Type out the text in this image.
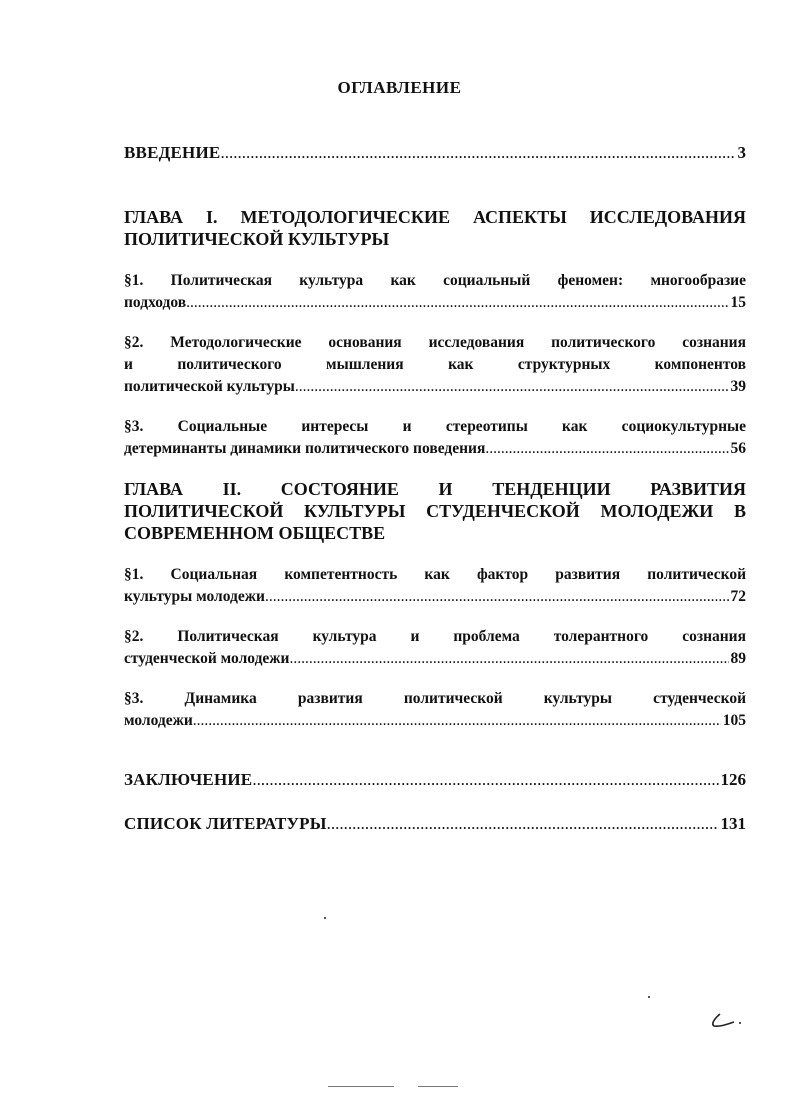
ОГЛАВЛЕНИЕ
ВВЕДЕНИЕ .....	3
ГЛАВА I. МЕТОДОЛОГИЧЕСКИЕ АСПЕКТЫ ИССЛЕДОВАНИЯ
ПОЛИТИЧЕСКОЙ КУЛЬТУРЫ
§1. Политическая культура как социальный феномен: многообразие
подходов .....	15
§2. Методологические основания исследования политического сознания
и политического мышления как структурных компонентов
политической культуры .....	39
§3. Социальные интересы и стереотипы как социокультурные
детерминанты динамики политического поведения .....	56
ГЛАВА II. СОСТОЯНИЕ И ТЕНДЕНЦИИ РАЗВИТИЯ
ПОЛИТИЧЕСКОЙ КУЛЬТУРЫ СТУДЕНЧЕСКОЙ МОЛОДЕЖИ В
СОВРЕМЕННОМ ОБЩЕСТВЕ
§1. Социальная компетентность как фактор развития политической
культуры молодежи .....	72
§2. Политическая культура и проблема толерантного сознания
студенческой молодежи .....	89
§3. Динамика развития политической культуры студенческой
молодежи .....	105
ЗАКЛЮЧЕНИЕ .....	126
СПИСОК ЛИТЕРАТУРЫ .....	131
